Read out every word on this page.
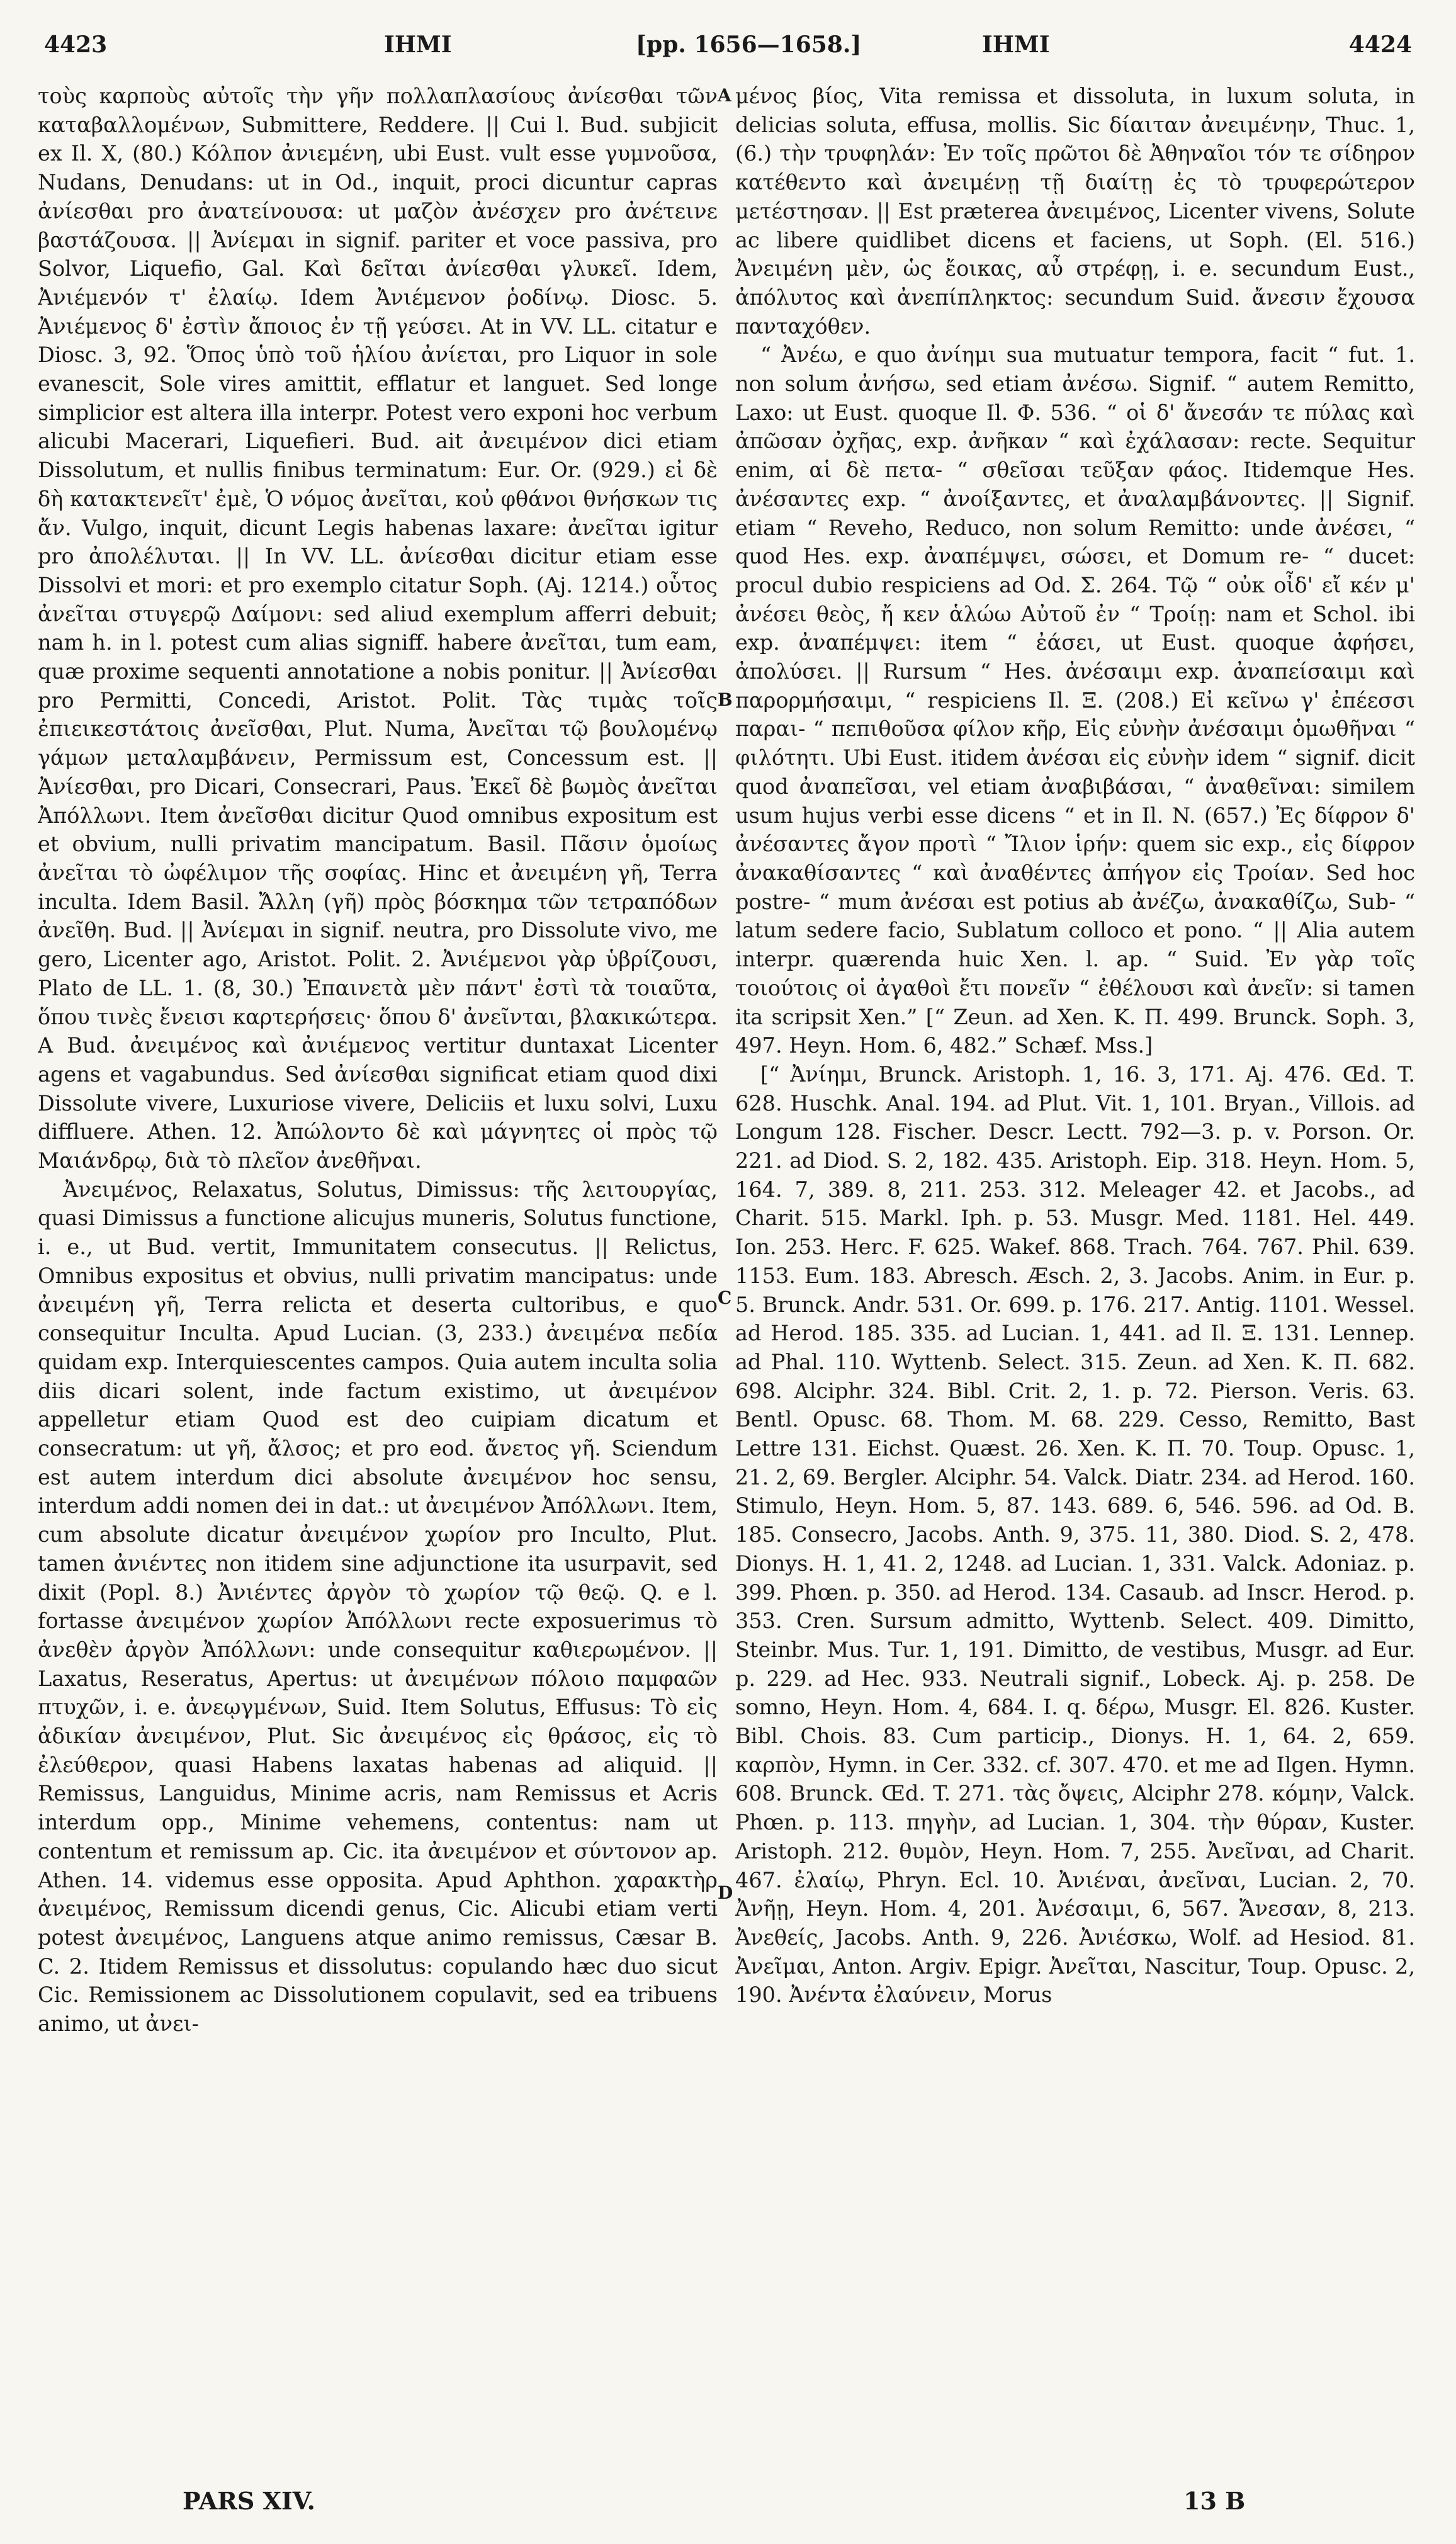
4423	IHMI	[pp. 1656—1658.]	IHMI	4424

τοὺς καρποὺς αὐτοῖς τὴν γῆν πολλαπλασίους ἀνίεσθαι τῶν καταβαλλομένων, Submittere, Reddere. || Cui l. Bud. subjicit ex Il. X, (80.) Κόλπον ἀνιεμένη, ubi Eust. vult esse γυμνοῦσα, Nudans, Denudans: ut in Od., inquit, proci dicuntur capras ἀνίεσθαι pro ἀνατείνουσα: ut μαζὸν ἀνέσχεν pro ἀνέτεινε βαστάζουσα. || Ἀνίεμαι in signif. pariter et voce passiva, pro Solvor, Liquefio, Gal. Καὶ δεῖται ἀνίεσθαι γλυκεῖ. Idem, Ἀνιέμενόν τ' ἐλαίῳ. Idem Ἀνιέμενον ῥοδίνῳ. Diosc. 5. Ἀνιέμενος δ' ἐστὶν ἄποιος ἐν τῇ γεύσει. At in VV. LL. citatur e Diosc. 3, 92. Ὅπος ὑπὸ τοῦ ἡλίου ἀνίεται, pro Liquor in sole evanescit, Sole vires amittit, efflatur et languet. Sed longe simplicior est altera illa interpr. Potest vero exponi hoc verbum alicubi Macerari, Liquefieri. Bud. ait ἀνειμένον dici etiam Dissolutum, et nullis finibus terminatum: Eur. Or. (929.) εἰ δὲ δὴ κατακτενεῖτ' ἐμὲ, Ὁ νόμος ἀνεῖται, κοὐ φθάνοι θνήσκων τις ἄν. Vulgo, inquit, dicunt Legis habenas laxare: ἀνεῖται igitur pro ἀπολέλυται. || In VV. LL. ἀνίεσθαι dicitur etiam esse Dissolvi et mori: et pro exemplo citatur Soph. (Aj. 1214.) οὗτος ἀνεῖται στυγερῷ Δαίμονι: sed aliud exemplum afferri debuit; nam h. in l. potest cum alias signiff. habere ἀνεῖται, tum eam, quæ proxime sequenti annotatione a nobis ponitur. || Ἀνίεσθαι pro Permitti, Concedi, Aristot. Polit. Τὰς τιμὰς τοῖς ἐπιεικεστάτοις ἀνεῖσθαι, Plut. Numa, Ἀνεῖται τῷ βουλομένῳ γάμων μεταλαμβάνειν, Permissum est, Concessum est. || Ἀνίεσθαι, pro Dicari, Consecrari, Paus. Ἐκεῖ δὲ βωμὸς ἀνεῖται Ἀπόλλωνι. Item ἀνεῖσθαι dicitur Quod omnibus expositum est et obvium, nulli privatim mancipatum. Basil. Πᾶσιν ὁμοίως ἀνεῖται τὸ ὠφέλιμον τῆς σοφίας. Hinc et ἀνειμένη γῆ, Terra inculta. Idem Basil. Ἄλλη (γῆ) πρὸς βόσκημα τῶν τετραπόδων ἀνεῖθη. Bud. || Ἀνίεμαι in signif. neutra, pro Dissolute vivo, me gero, Licenter ago, Aristot. Polit. 2. Ἀνιέμενοι γὰρ ὑβρίζουσι, Plato de LL. 1. (8, 30.) Ἐπαινετὰ μὲν πάντ' ἐστὶ τὰ τοιαῦτα, ὅπου τινὲς ἔνεισι καρτερήσεις· ὅπου δ' ἀνεῖνται, βλακικώτερα. A Bud. ἀνειμένος καὶ ἀνιέμενος vertitur duntaxat Licenter agens et vagabundus. Sed ἀνίεσθαι significat etiam quod dixi Dissolute vivere, Luxuriose vivere, Deliciis et luxu solvi, Luxu diffluere. Athen. 12. Ἀπώλοντο δὲ καὶ μάγνητες οἱ πρὸς τῷ Μαιάνδρῳ, διὰ τὸ πλεῖον ἀνεθῆναι.

Ἀνειμένος, Relaxatus, Solutus, Dimissus: τῆς λειτουργίας, quasi Dimissus a functione alicujus muneris, Solutus functione, i. e., ut Bud. vertit, Immunitatem consecutus. || Relictus, Omnibus expositus et obvius, nulli privatim mancipatus: unde ἀνειμένη γῆ, Terra relicta et deserta cultoribus, e quo consequitur Inculta. Apud Lucian. (3, 233.) ἀνειμένα πεδία quidam exp. Interquiescentes campos. Quia autem inculta solia diis dicari solent, inde factum existimo, ut ἀνειμένον appelletur etiam Quod est deo cuipiam dicatum et consecratum: ut γῆ, ἄλσος; et pro eod. ἄνετος γῆ. Sciendum est autem interdum dici absolute ἀνειμένον hoc sensu, interdum addi nomen dei in dat.: ut ἀνειμένον Ἀπόλλωνι. Item, cum absolute dicatur ἀνειμένον χωρίον pro Inculto, Plut. tamen ἀνιέντες non itidem sine adjunctione ita usurpavit, sed dixit (Popl. 8.) Ἀνιέντες ἀργὸν τὸ χωρίον τῷ θεῷ. Q. e l. fortasse ἀνειμένον χωρίον Ἀπόλλωνι recte exposuerimus τὸ ἀνεθὲν ἀργὸν Ἀπόλλωνι: unde consequitur καθιερωμένον. || Laxatus, Reseratus, Apertus: ut ἀνειμένων πόλοιο παμφαῶν πτυχῶν, i. e. ἀνεῳγμένων, Suid. Item Solutus, Effusus: Τὸ εἰς ἀδικίαν ἀνειμένον, Plut. Sic ἀνειμένος εἰς θράσος, εἰς τὸ ἐλεύθερον, quasi Habens laxatas habenas ad aliquid. || Remissus, Languidus, Minime acris, nam Remissus et Acris interdum opp., Minime vehemens, contentus: nam ut contentum et remissum ap. Cic. ita ἀνειμένον et σύντονον ap. Athen. 14. videmus esse opposita. Apud Aphthon. χαρακτὴρ ἀνειμένος, Remissum dicendi genus, Cic. Alicubi etiam verti potest ἀνειμένος, Languens atque animo remissus, Cæsar B. C. 2. Itidem Remissus et dissolutus: copulando hæc duo sicut Cic. Remissionem ac Dissolutionem copulavit, sed ea tribuens animo, ut ἀνει-

A
B
C
D

μένος βίος, Vita remissa et dissoluta, in luxum soluta, in delicias soluta, effusa, mollis. Sic δίαιταν ἀνειμένην, Thuc. 1, (6.) τὴν τρυφηλάν: Ἐν τοῖς πρῶτοι δὲ Ἀθηναῖοι τόν τε σίδηρον κατέθεντο καὶ ἀνειμένῃ τῇ διαίτῃ ἐς τὸ τρυφερώτερον μετέστησαν. || Est præterea ἀνειμένος, Licenter vivens, Solute ac libere quidlibet dicens et faciens, ut Soph. (El. 516.) Ἀνειμένη μὲν, ὡς ἔοικας, αὖ στρέφῃ, i. e. secundum Eust., ἀπόλυτος καὶ ἀνεπίπληκτος: secundum Suid. ἄνεσιν ἔχουσα πανταχόθεν.

“ Ἀνέω, e quo ἀνίημι sua mutuatur tempora, facit “ fut. 1. non solum ἀνήσω, sed etiam ἀνέσω. Signif. “ autem Remitto, Laxo: ut Eust. quoque Il. Φ. 536. “ οἱ δ' ἄνεσάν τε πύλας καὶ ἀπῶσαν ὀχῆας, exp. ἀνῆκαν “ καὶ ἐχάλασαν: recte. Sequitur enim, αἱ δὲ πετα- “ σθεῖσαι τεῦξαν φάος. Itidemque Hes. ἀνέσαντες exp. “ ἀνοίξαντες, et ἀναλαμβάνοντες. || Signif. etiam “ Reveho, Reduco, non solum Remitto: unde ἀνέσει, “ quod Hes. exp. ἀναπέμψει, σώσει, et Domum re- “ ducet: procul dubio respiciens ad Od. Σ. 264. Τῷ “ οὐκ οἶδ' εἴ κέν μ' ἀνέσει θεὸς, ἤ κεν ἁλώω Αὐτοῦ ἐν “ Τροίῃ: nam et Schol. ibi exp. ἀναπέμψει: item “ ἐάσει, ut Eust. quoque ἀφήσει, ἀπολύσει. || Rursum “ Hes. ἀνέσαιμι exp. ἀναπείσαιμι καὶ παρορμήσαιμι, “ respiciens Il. Ξ. (208.) Εἰ κεῖνω γ' ἐπέεσσι παραι- “ πεπιθοῦσα φίλον κῆρ, Εἰς εὐνὴν ἀνέσαιμι ὁμωθῆναι “ φιλότητι. Ubi Eust. itidem ἀνέσαι εἰς εὐνὴν idem “ signif. dicit quod ἀναπεῖσαι, vel etiam ἀναβιβάσαι, “ ἀναθεῖναι: similem usum hujus verbi esse dicens “ et in Il. N. (657.) Ἐς δίφρον δ' ἀνέσαντες ἄγον προτὶ “ Ἴλιον ἱρήν: quem sic exp., εἰς δίφρον ἀνακαθίσαντες “ καὶ ἀναθέντες ἀπήγον εἰς Τροίαν. Sed hoc postre- “ mum ἀνέσαι est potius ab ἀνέζω, ἀνακαθίζω, Sub- “ latum sedere facio, Sublatum colloco et pono. “ || Alia autem interpr. quærenda huic Xen. l. ap. “ Suid. Ἐν γὰρ τοῖς τοιούτοις οἱ ἀγαθοὶ ἔτι πονεῖν “ ἐθέλουσι καὶ ἀνεῖν: si tamen ita scripsit Xen.” [“ Zeun. ad Xen. K. Π. 499. Brunck. Soph. 3, 497. Heyn. Hom. 6, 482.” Schæf. Mss.]

[“ Ἀνίημι, Brunck. Aristoph. 1, 16. 3, 171. Aj. 476. Œd. T. 628. Huschk. Anal. 194. ad Plut. Vit. 1, 101. Bryan., Villois. ad Longum 128. Fischer. Descr. Lectt. 792—3. p. v. Porson. Or. 221. ad Diod. S. 2, 182. 435. Aristoph. Eip. 318. Heyn. Hom. 5, 164. 7, 389. 8, 211. 253. 312. Meleager 42. et Jacobs., ad Charit. 515. Markl. Iph. p. 53. Musgr. Med. 1181. Hel. 449. Ion. 253. Herc. F. 625. Wakef. 868. Trach. 764. 767. Phil. 639. 1153. Eum. 183. Abresch. Æsch. 2, 3. Jacobs. Anim. in Eur. p. 5. Brunck. Andr. 531. Or. 699. p. 176. 217. Antig. 1101. Wessel. ad Herod. 185. 335. ad Lucian. 1, 441. ad Il. Ξ. 131. Lennep. ad Phal. 110. Wyttenb. Select. 315. Zeun. ad Xen. K. Π. 682. 698. Alciphr. 324. Bibl. Crit. 2, 1. p. 72. Pierson. Veris. 63. Bentl. Opusc. 68. Thom. M. 68. 229. Cesso, Remitto, Bast Lettre 131. Eichst. Quæst. 26. Xen. K. Π. 70. Toup. Opusc. 1, 21. 2, 69. Bergler. Alciphr. 54. Valck. Diatr. 234. ad Herod. 160. Stimulo, Heyn. Hom. 5, 87. 143. 689. 6, 546. 596. ad Od. B. 185. Consecro, Jacobs. Anth. 9, 375. 11, 380. Diod. S. 2, 478. Dionys. H. 1, 41. 2, 1248. ad Lucian. 1, 331. Valck. Adoniaz. p. 399. Phœn. p. 350. ad Herod. 134. Casaub. ad Inscr. Herod. p. 353. Cren. Sursum admitto, Wyttenb. Select. 409. Dimitto, Steinbr. Mus. Tur. 1, 191. Dimitto, de vestibus, Musgr. ad Eur. p. 229. ad Hec. 933. Neutrali signif., Lobeck. Aj. p. 258. De somno, Heyn. Hom. 4, 684. I. q. δέρω, Musgr. El. 826. Kuster. Bibl. Chois. 83. Cum particip., Dionys. H. 1, 64. 2, 659. καρπὸν, Hymn. in Cer. 332. cf. 307. 470. et me ad Ilgen. Hymn. 608. Brunck. Œd. T. 271. τὰς ὄψεις, Alciphr 278. κόμην, Valck. Phœn. p. 113. πηγὴν, ad Lucian. 1, 304. τὴν θύραν, Kuster. Aristoph. 212. θυμὸν, Heyn. Hom. 7, 255. Ἀνεῖναι, ad Charit. 467. ἐλαίῳ, Phryn. Ecl. 10. Ἀνιέναι, ἀνεῖναι, Lucian. 2, 70. Ἀνῆῃ, Heyn. Hom. 4, 201. Ἀνέσαιμι, 6, 567. Ἄνεσαν, 8, 213. Ἀνεθείς, Jacobs. Anth. 9, 226. Ἀνιέσκω, Wolf. ad Hesiod. 81. Ἀνεῖμαι, Anton. Argiv. Epigr. Ἀνεῖται, Nascitur, Toup. Opusc. 2, 190. Ἀνέντα ἐλαύνειν, Morus

PARS XIV.	13 B
